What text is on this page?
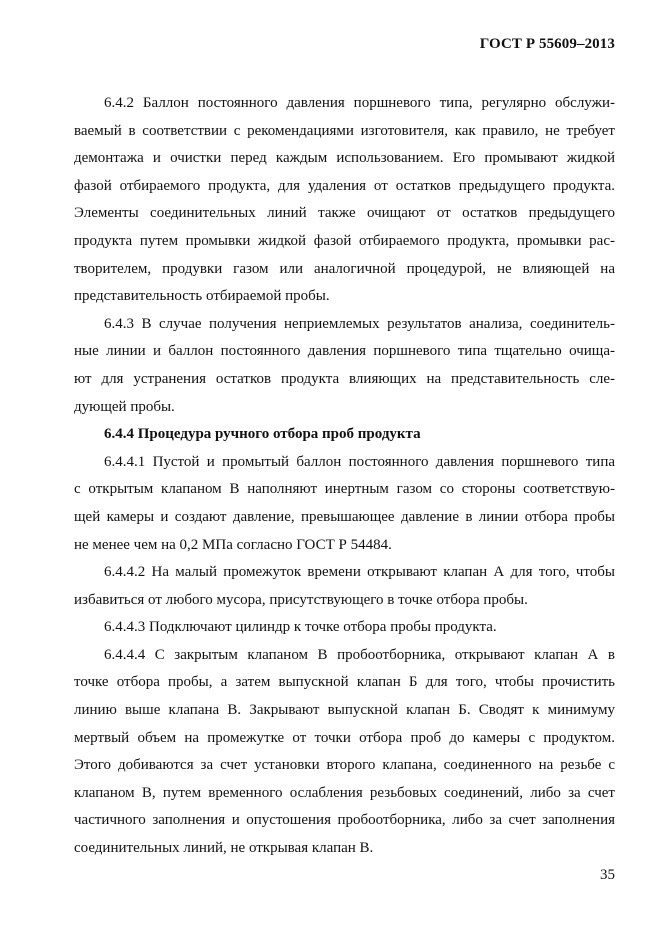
ГОСТ Р 55609–2013

6.4.2 Баллон постоянного давления поршневого типа, регулярно обслужи-
ваемый в соответствии с рекомендациями изготовителя, как правило, не требует
демонтажа и очистки перед каждым использованием. Его промывают жидкой
фазой отбираемого продукта, для удаления от остатков предыдущего продукта.
Элементы соединительных линий также очищают от остатков предыдущего
продукта путем промывки жидкой фазой отбираемого продукта, промывки рас-
творителем, продувки газом или аналогичной процедурой, не влияющей на
представительность отбираемой пробы.

6.4.3 В случае получения неприемлемых результатов анализа, соединитель-
ные линии и баллон постоянного давления поршневого типа тщательно очища-
ют для устранения остатков продукта влияющих на представительность сле-
дующей пробы.

6.4.4 Процедура ручного отбора проб продукта

6.4.4.1 Пустой и промытый баллон постоянного давления поршневого типа
с открытым клапаном В наполняют инертным газом со стороны соответствую-
щей камеры и создают давление, превышающее давление в линии отбора пробы
не менее чем на 0,2 МПа согласно ГОСТ Р 54484.

6.4.4.2 На малый промежуток времени открывают клапан А для того, чтобы
избавиться от любого мусора, присутствующего в точке отбора пробы.

6.4.4.3 Подключают цилиндр к точке отбора пробы продукта.

6.4.4.4 С закрытым клапаном В пробоотборника, открывают клапан А в
точке отбора пробы, а затем выпускной клапан Б для того, чтобы прочистить
линию выше клапана В. Закрывают выпускной клапан Б. Сводят к минимуму
мертвый объем на промежутке от точки отбора проб до камеры с продуктом.
Этого добиваются за счет установки второго клапана, соединенного на резьбе с
клапаном В, путем временного ослабления резьбовых соединений, либо за счет
частичного заполнения и опустошения пробоотборника, либо за счет заполнения
соединительных линий, не открывая клапан В.

35
